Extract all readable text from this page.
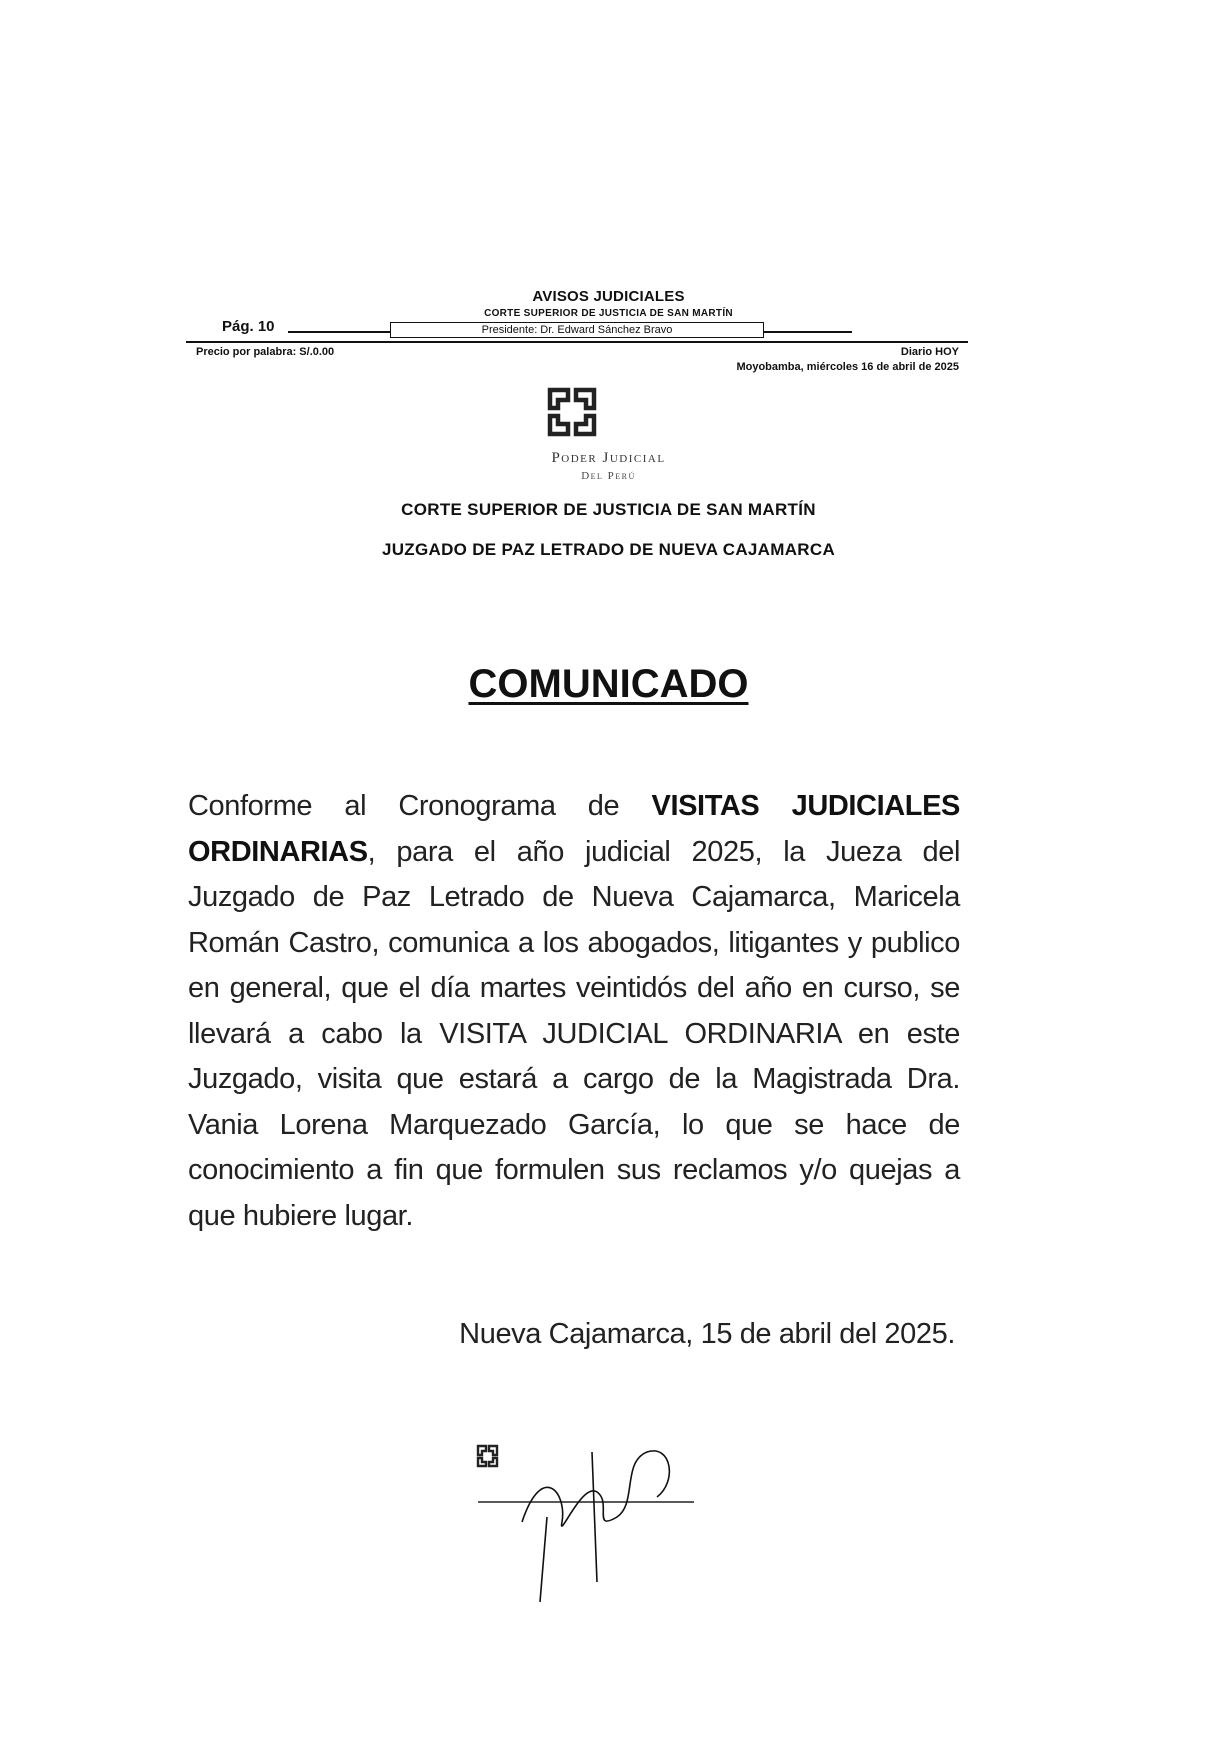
AVISOS JUDICIALES
CORTE SUPERIOR DE JUSTICIA DE SAN MARTÍN
Pág. 10	Presidente: Dr. Edward Sánchez Bravo
Precio por palabra: S/.0.00	Diario HOY
Moyobamba, miércoles 16 de abril de 2025
Poder Judicial
Del Perú
CORTE SUPERIOR DE JUSTICIA DE SAN MARTÍN
JUZGADO DE PAZ LETRADO DE NUEVA CAJAMARCA
COMUNICADO
Conforme al Cronograma de VISITAS JUDICIALES ORDINARIAS, para el año judicial 2025, la Jueza del Juzgado de Paz Letrado de Nueva Cajamarca, Maricela Román Castro, comunica a los abogados, litigantes y publico en general, que el día martes veintidós del año en curso, se llevará a cabo la VISITA JUDICIAL ORDINARIA en este Juzgado, visita que estará a cargo de la Magistrada Dra. Vania Lorena Marquezado García, lo que se hace de conocimiento a fin que formulen sus reclamos y/o quejas a que hubiere lugar.
Nueva Cajamarca, 15 de abril del 2025.
